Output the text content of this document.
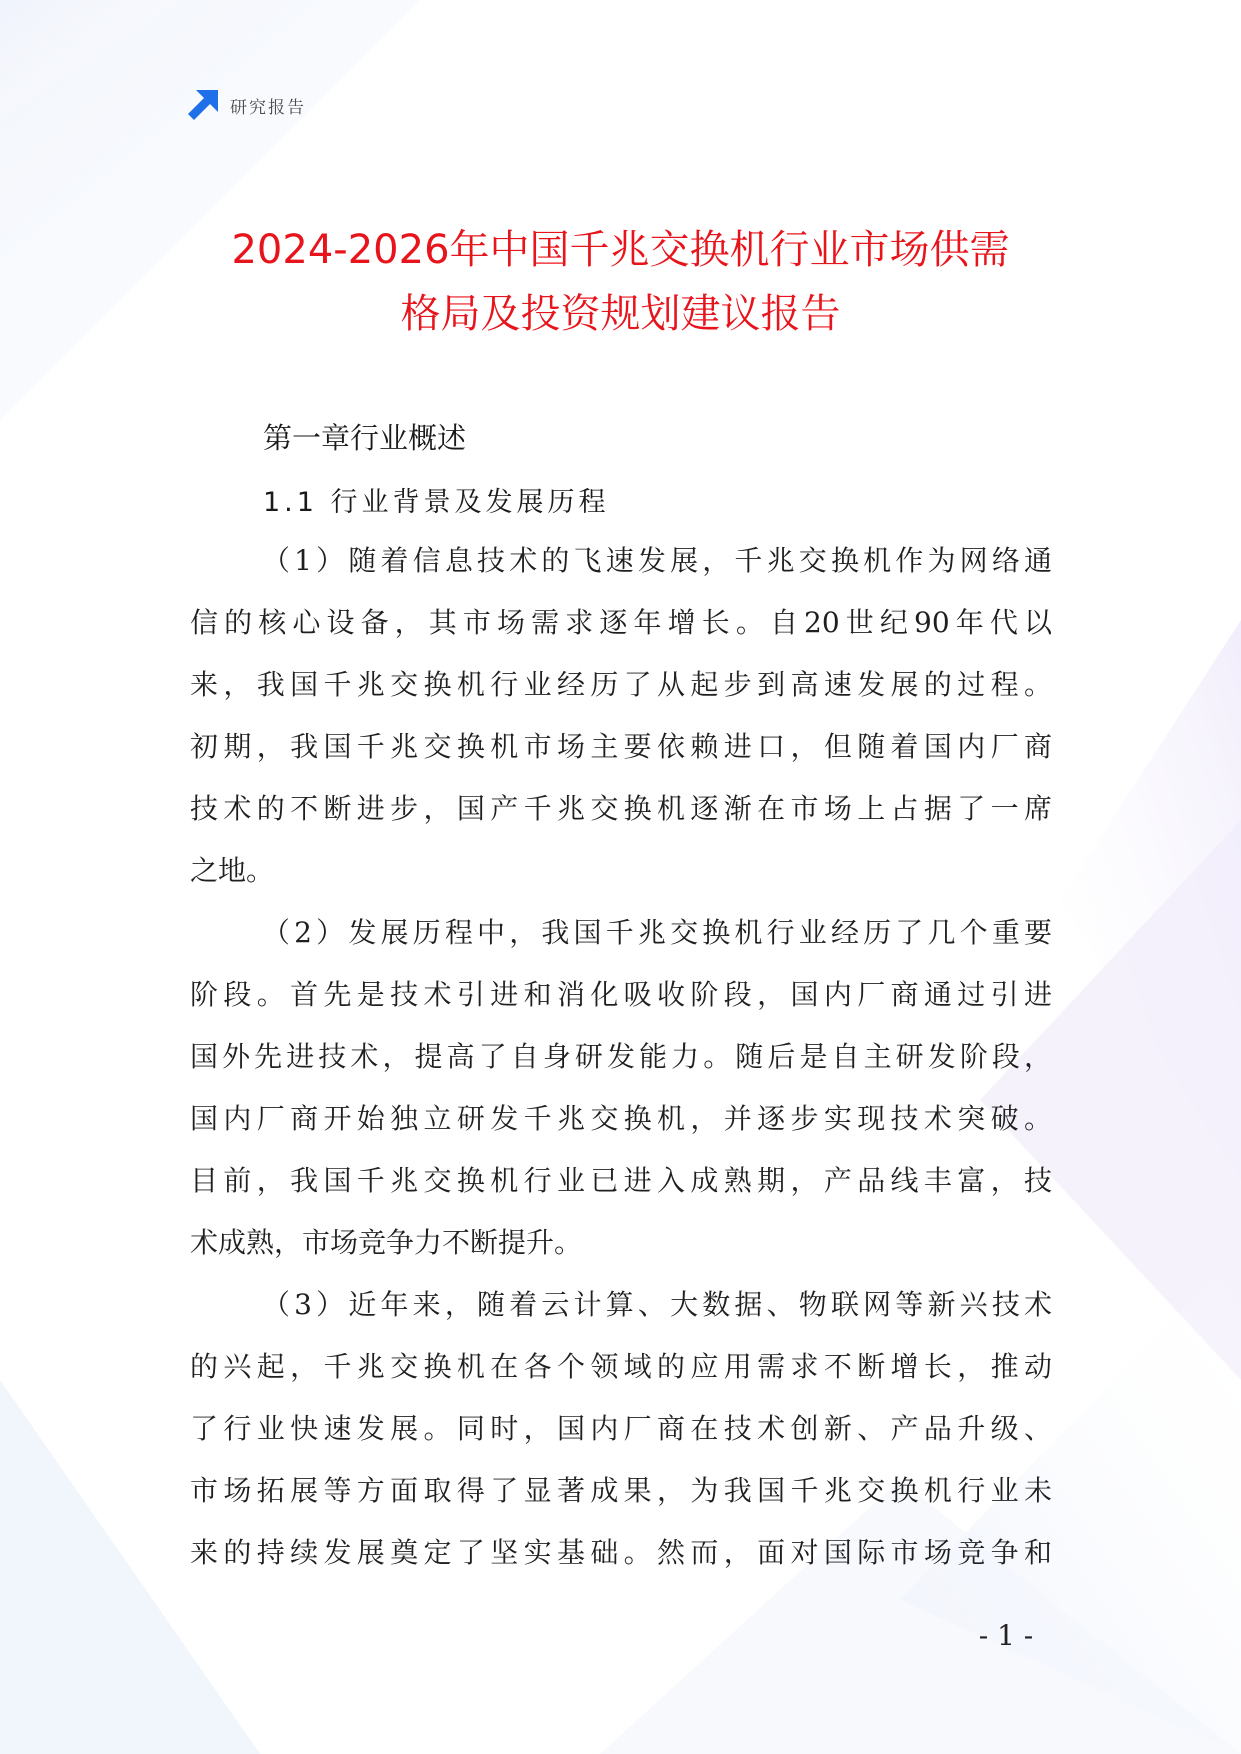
研究报告
2024-2026年中国千兆交换机行业市场供需
格局及投资规划建议报告
第一章行业概述
1.1 行业背景及发展历程
（1）随着信息技术的飞速发展，千兆交换机作为网络通
信的核心设备，其市场需求逐年增长。自20世纪90年代以
来，我国千兆交换机行业经历了从起步到高速发展的过程。
初期，我国千兆交换机市场主要依赖进口，但随着国内厂商
技术的不断进步，国产千兆交换机逐渐在市场上占据了一席
之地。
（2）发展历程中，我国千兆交换机行业经历了几个重要
阶段。首先是技术引进和消化吸收阶段，国内厂商通过引进
国外先进技术，提高了自身研发能力。随后是自主研发阶段，
国内厂商开始独立研发千兆交换机，并逐步实现技术突破。
目前，我国千兆交换机行业已进入成熟期，产品线丰富，技
术成熟，市场竞争力不断提升。
（3）近年来，随着云计算、大数据、物联网等新兴技术
的兴起，千兆交换机在各个领域的应用需求不断增长，推动
了行业快速发展。同时，国内厂商在技术创新、产品升级、
市场拓展等方面取得了显著成果，为我国千兆交换机行业未
来的持续发展奠定了坚实基础。然而，面对国际市场竞争和
- 1 -
